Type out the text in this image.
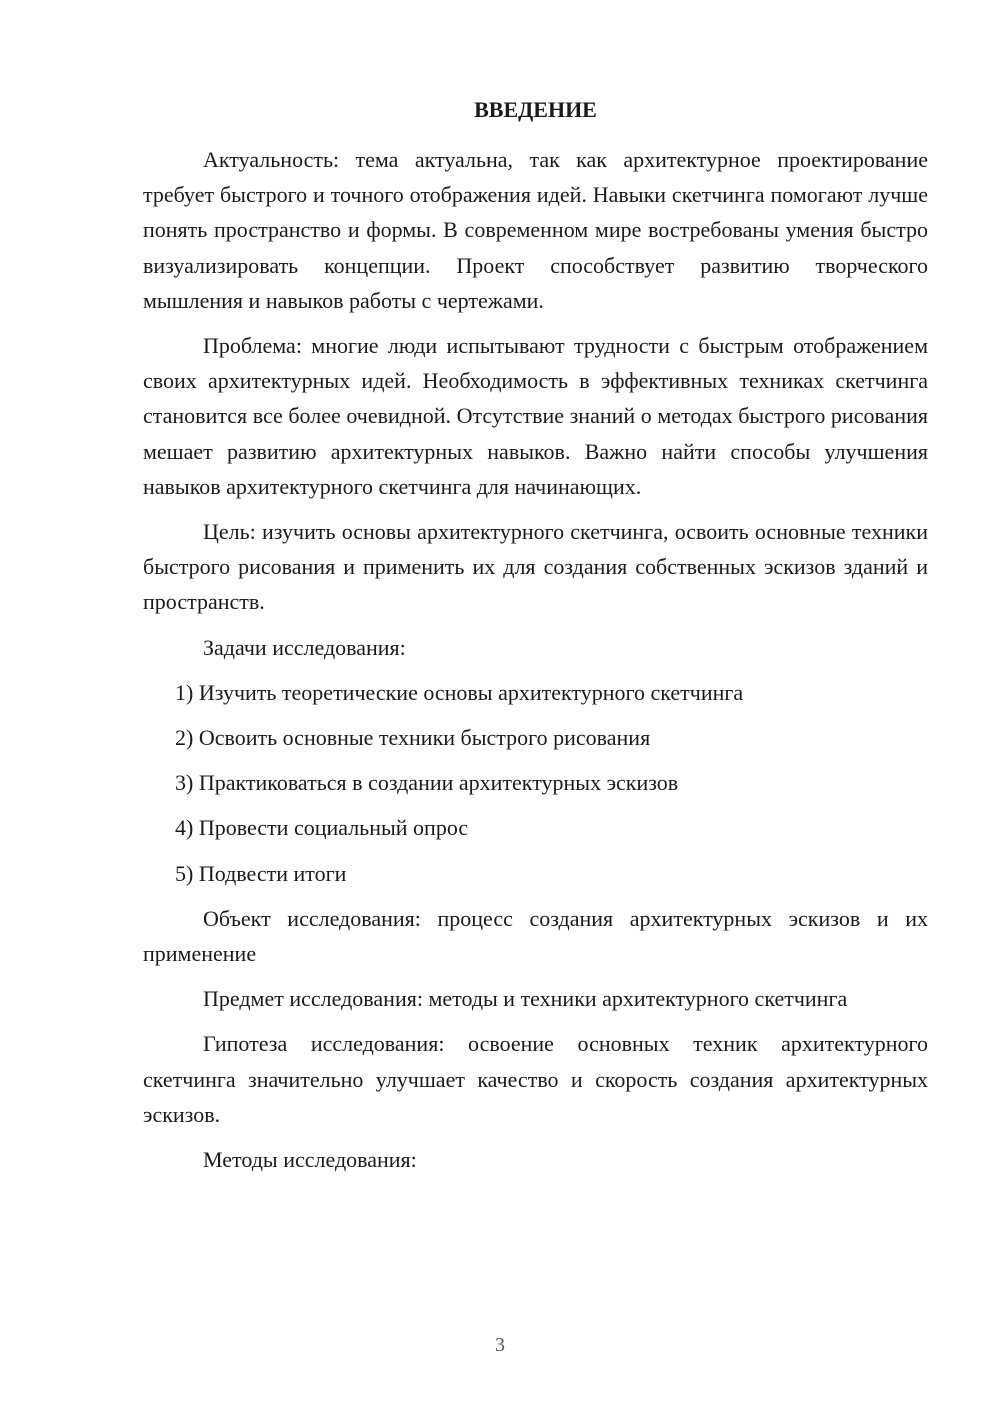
ВВЕДЕНИЕ

Актуальность: тема актуальна, так как архитектурное проектирование требует быстрого и точного отображения идей. Навыки скетчинга помогают лучше понять пространство и формы. В современном мире востребованы умения быстро визуализировать концепции. Проект способствует развитию творческого мышления и навыков работы с чертежами.

Проблема: многие люди испытывают трудности с быстрым отображением своих архитектурных идей. Необходимость в эффективных техниках скетчинга становится все более очевидной. Отсутствие знаний о методах быстрого рисования мешает развитию архитектурных навыков. Важно найти способы улучшения навыков архитектурного скетчинга для начинающих.

Цель: изучить основы архитектурного скетчинга, освоить основные техники быстрого рисования и применить их для создания собственных эскизов зданий и пространств.

Задачи исследования:

1) Изучить теоретические основы архитектурного скетчинга
2) Освоить основные техники быстрого рисования
3) Практиковаться в создании архитектурных эскизов
4) Провести социальный опрос
5) Подвести итоги

Объект исследования: процесс создания архитектурных эскизов и их применение

Предмет исследования: методы и техники архитектурного скетчинга

Гипотеза исследования: освоение основных техник архитектурного скетчинга значительно улучшает качество и скорость создания архитектурных эскизов.

Методы исследования:

3
